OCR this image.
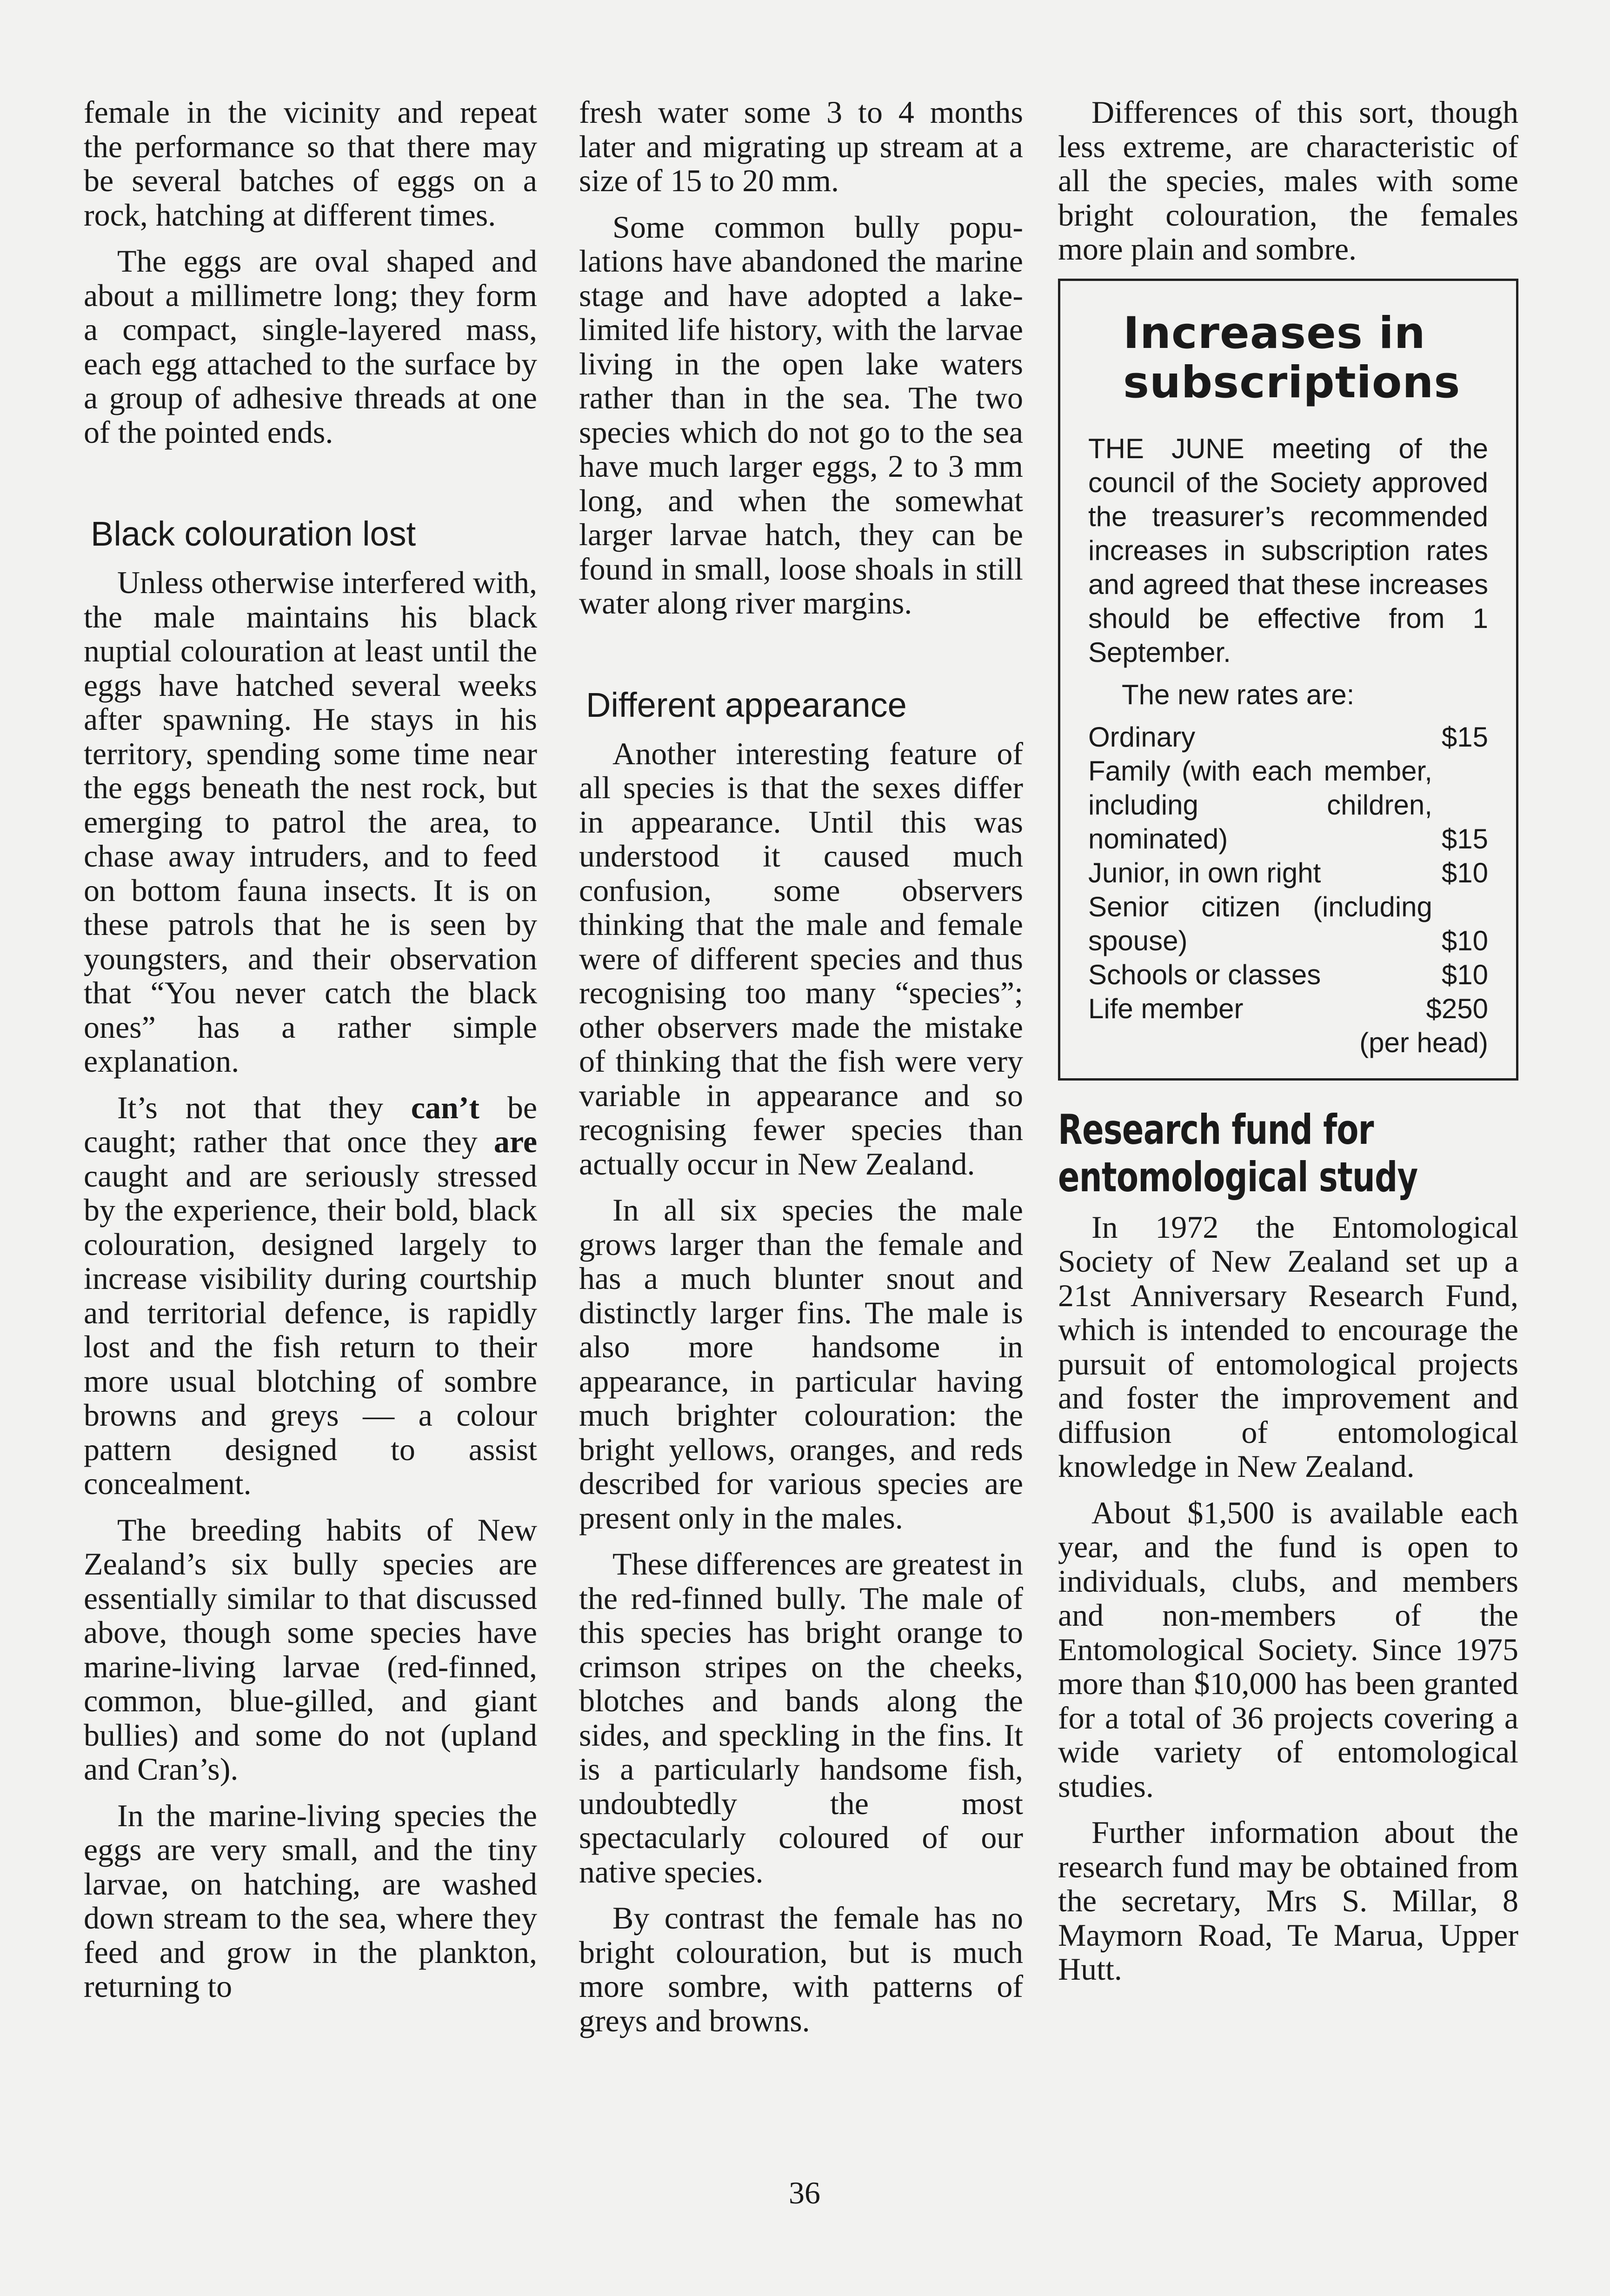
female in the vicinity and repeat the performance so that there may be several batches of eggs on a rock, hatching at different times.

The eggs are oval shaped and about a millimetre long; they form a compact, single-layered mass, each egg attached to the surface by a group of adhesive threads at one of the pointed ends.

Black colouration lost

Unless otherwise interfered with, the male maintains his black nuptial colouration at least until the eggs have hatched several weeks after spawning. He stays in his territory, spending some time near the eggs beneath the nest rock, but emerging to patrol the area, to chase away intruders, and to feed on bottom fauna insects. It is on these patrols that he is seen by youngsters, and their observation that “You never catch the black ones” has a rather simple explanation.

It’s not that they can’t be caught; rather that once they are caught and are seriously stressed by the experience, their bold, black colouration, designed largely to increase visibility during courtship and territorial defence, is rapidly lost and the fish return to their more usual blotching of sombre browns and greys — a colour pattern designed to assist concealment.

The breeding habits of New Zealand’s six bully species are essentially similar to that discussed above, though some species have marine-living larvae (red-finned, common, blue-gilled, and giant bullies) and some do not (upland and Cran’s).

In the marine-living species the eggs are very small, and the tiny larvae, on hatching, are washed down stream to the sea, where they feed and grow in the plankton, returning to

fresh water some 3 to 4 months later and migrating up stream at a size of 15 to 20 mm.

Some common bully populations have abandoned the marine stage and have adopted a lake-limited life history, with the larvae living in the open lake waters rather than in the sea. The two species which do not go to the sea have much larger eggs, 2 to 3 mm long, and when the somewhat larger larvae hatch, they can be found in small, loose shoals in still water along river margins.

Different appearance

Another interesting feature of all species is that the sexes differ in appearance. Until this was understood it caused much confusion, some observers thinking that the male and female were of different species and thus recognising too many “species”; other observers made the mistake of thinking that the fish were very variable in appearance and so recognising fewer species than actually occur in New Zealand.

In all six species the male grows larger than the female and has a much blunter snout and distinctly larger fins. The male is also more handsome in appearance, in particular having much brighter colouration: the bright yellows, oranges, and reds described for various species are present only in the males.

These differences are greatest in the red-finned bully. The male of this species has bright orange to crimson stripes on the cheeks, blotches and bands along the sides, and speckling in the fins. It is a particularly handsome fish, undoubtedly the most spectacularly coloured of our native species.

By contrast the female has no bright colouration, but is much more sombre, with patterns of greys and browns.

Differences of this sort, though less extreme, are characteristic of all the species, males with some bright colouration, the females more plain and sombre.

Increases in subscriptions

THE JUNE meeting of the council of the Society approved the treasurer’s recommended increases in subscription rates and agreed that these increases should be effective from 1 September.

The new rates are:

Ordinary	$15
Family (with each member, including children, nominated)	$15
Junior, in own right	$10
Senior citizen (including spouse)	$10
Schools or classes	$10
Life member	$250
(per head)
Research fund for entomological study

In 1972 the Entomological Society of New Zealand set up a 21st Anniversary Research Fund, which is intended to encourage the pursuit of entomological projects and foster the improvement and diffusion of entomological knowledge in New Zealand.

About $1,500 is available each year, and the fund is open to individuals, clubs, and members and non-members of the Entomological Society. Since 1975 more than $10,000 has been granted for a total of 36 projects covering a wide variety of entomological studies.

Further information about the research fund may be obtained from the secretary, Mrs S. Millar, 8 Maymorn Road, Te Marua, Upper Hutt.

36
